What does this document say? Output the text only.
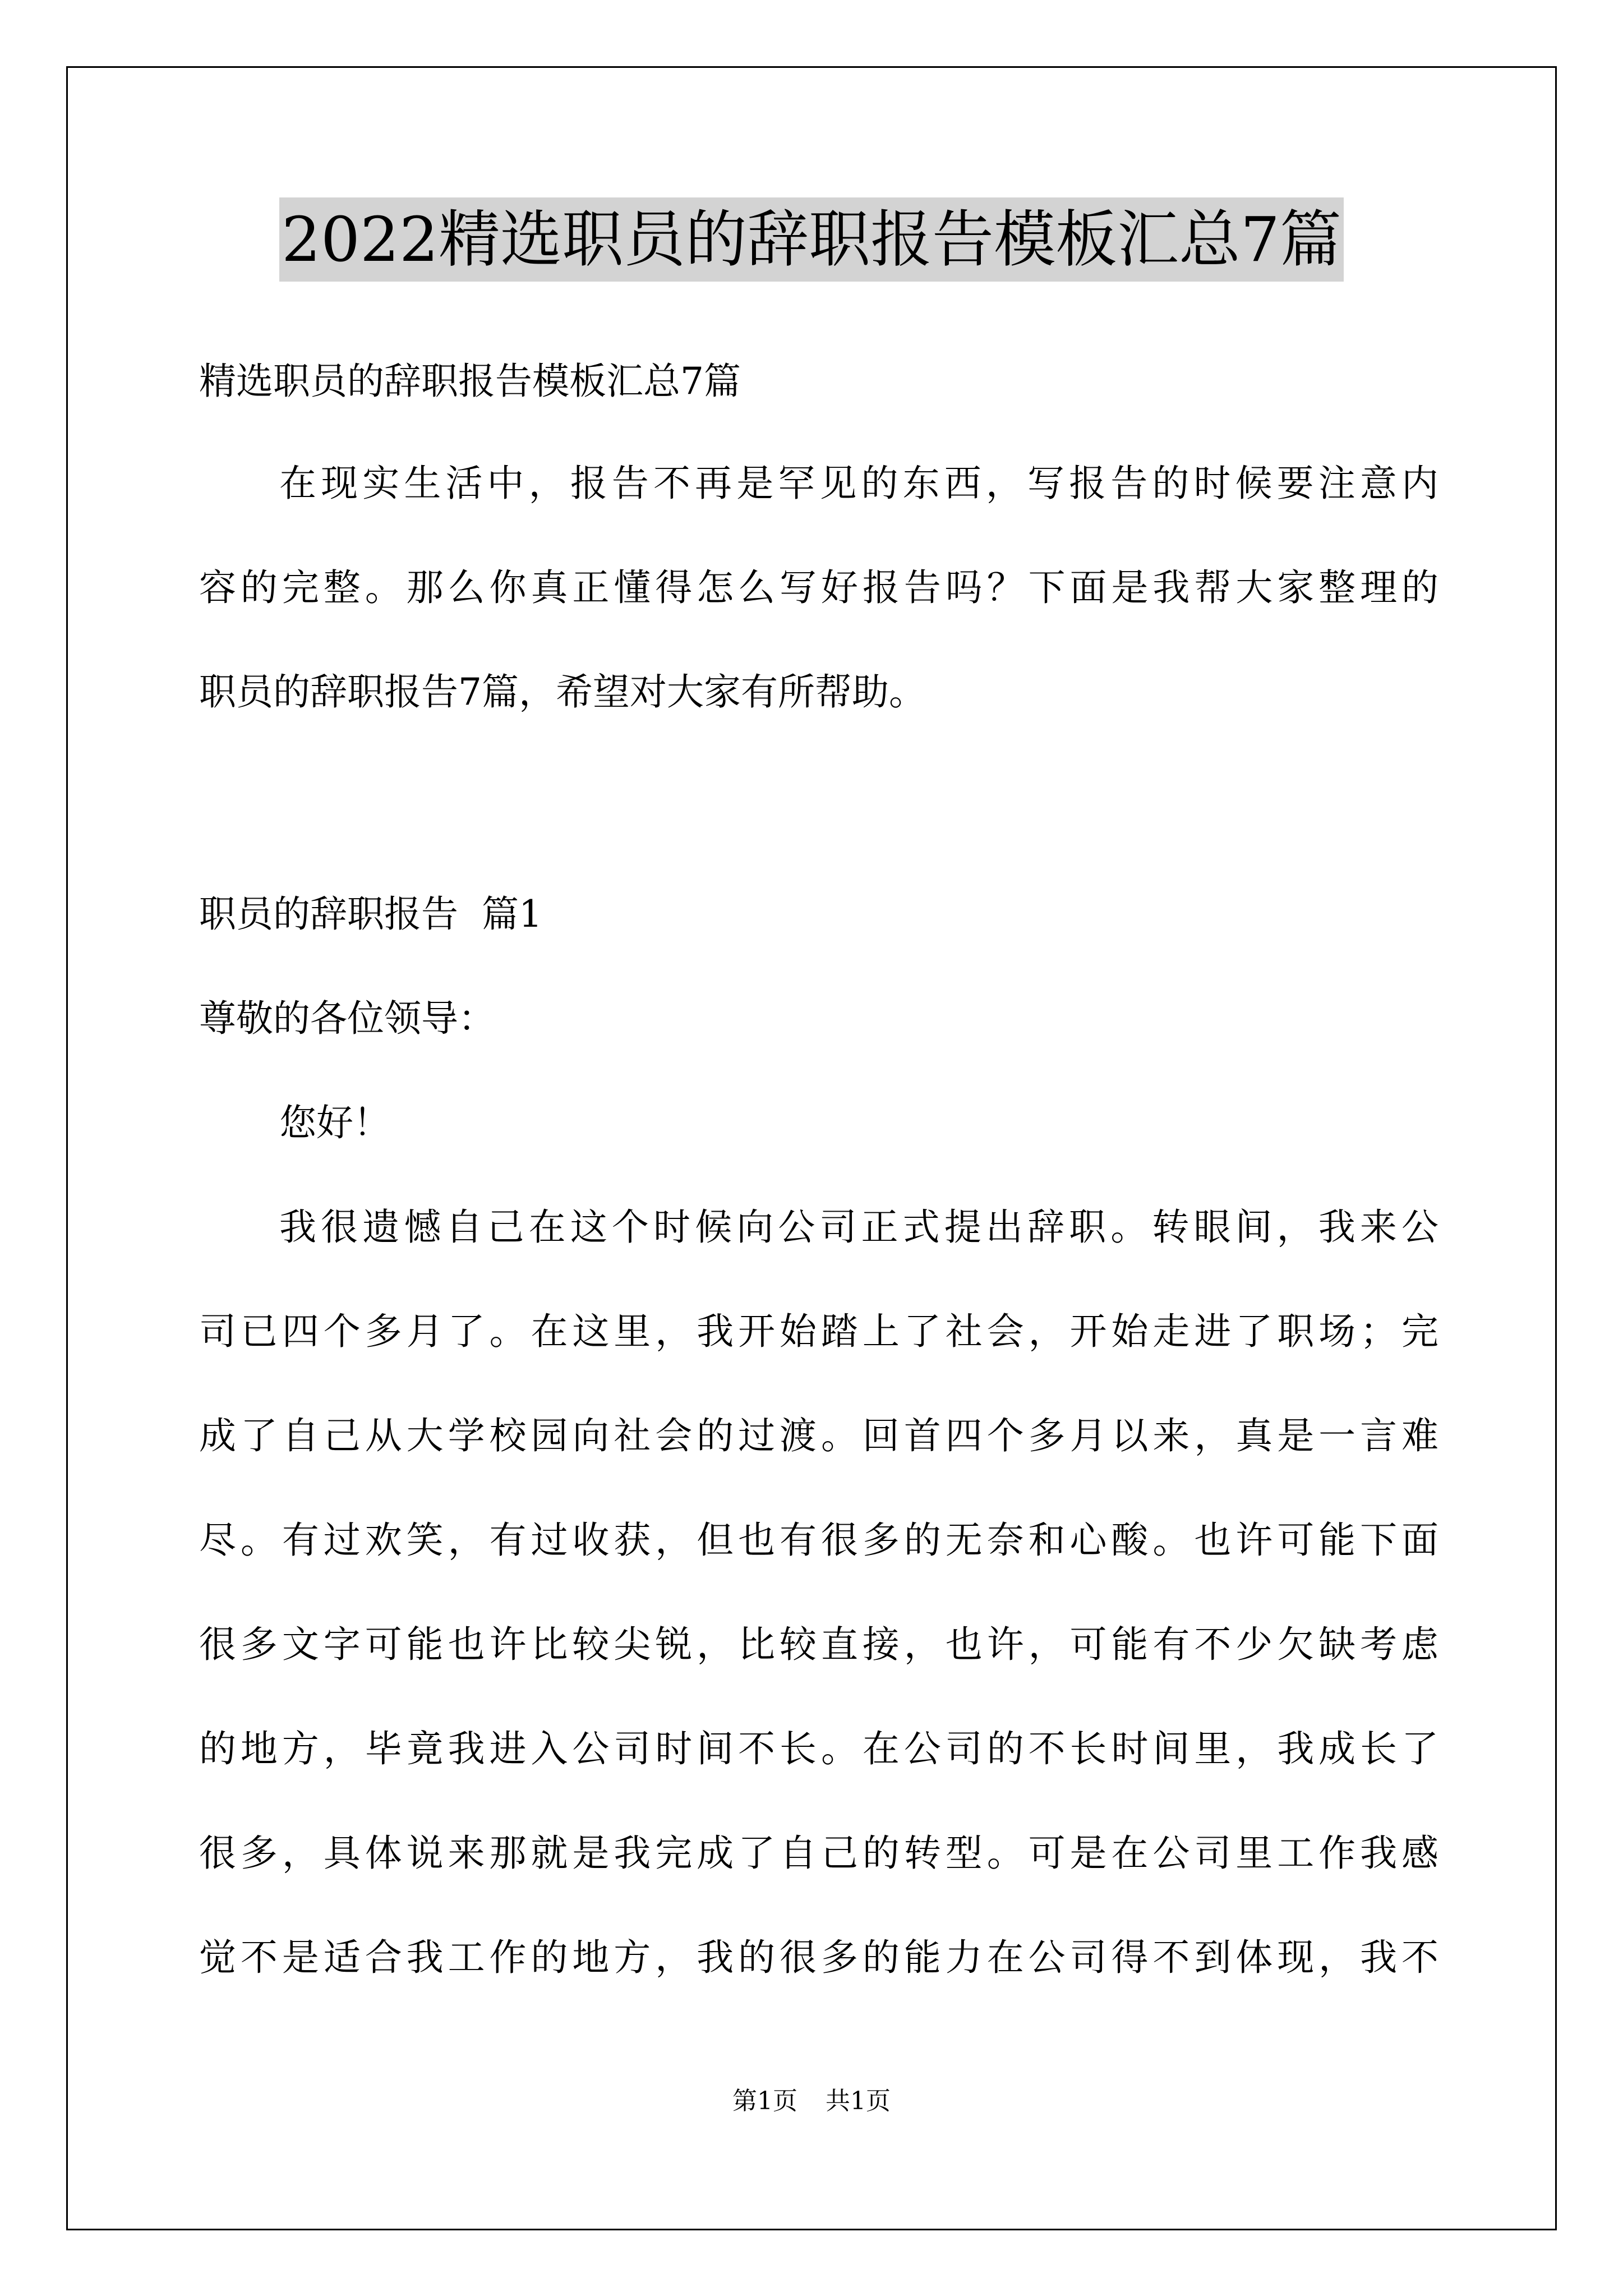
2022精选职员的辞职报告模板汇总7篇
精选职员的辞职报告模板汇总7篇
在现实生活中，报告不再是罕见的东西，写报告的时候要注意内
容的完整。那么你真正懂得怎么写好报告吗？下面是我帮大家整理的
职员的辞职报告7篇，希望对大家有所帮助。
职员的辞职报告  篇1
尊敬的各位领导：
您好！
我很遗憾自己在这个时候向公司正式提出辞职。转眼间，我来公
司已四个多月了。在这里，我开始踏上了社会，开始走进了职场；完
成了自己从大学校园向社会的过渡。回首四个多月以来，真是一言难
尽。有过欢笑，有过收获，但也有很多的无奈和心酸。也许可能下面
很多文字可能也许比较尖锐，比较直接，也许，可能有不少欠缺考虑
的地方，毕竟我进入公司时间不长。在公司的不长时间里，我成长了
很多，具体说来那就是我完成了自己的转型。可是在公司里工作我感
觉不是适合我工作的地方，我的很多的能力在公司得不到体现，我不
第1页 共1页
